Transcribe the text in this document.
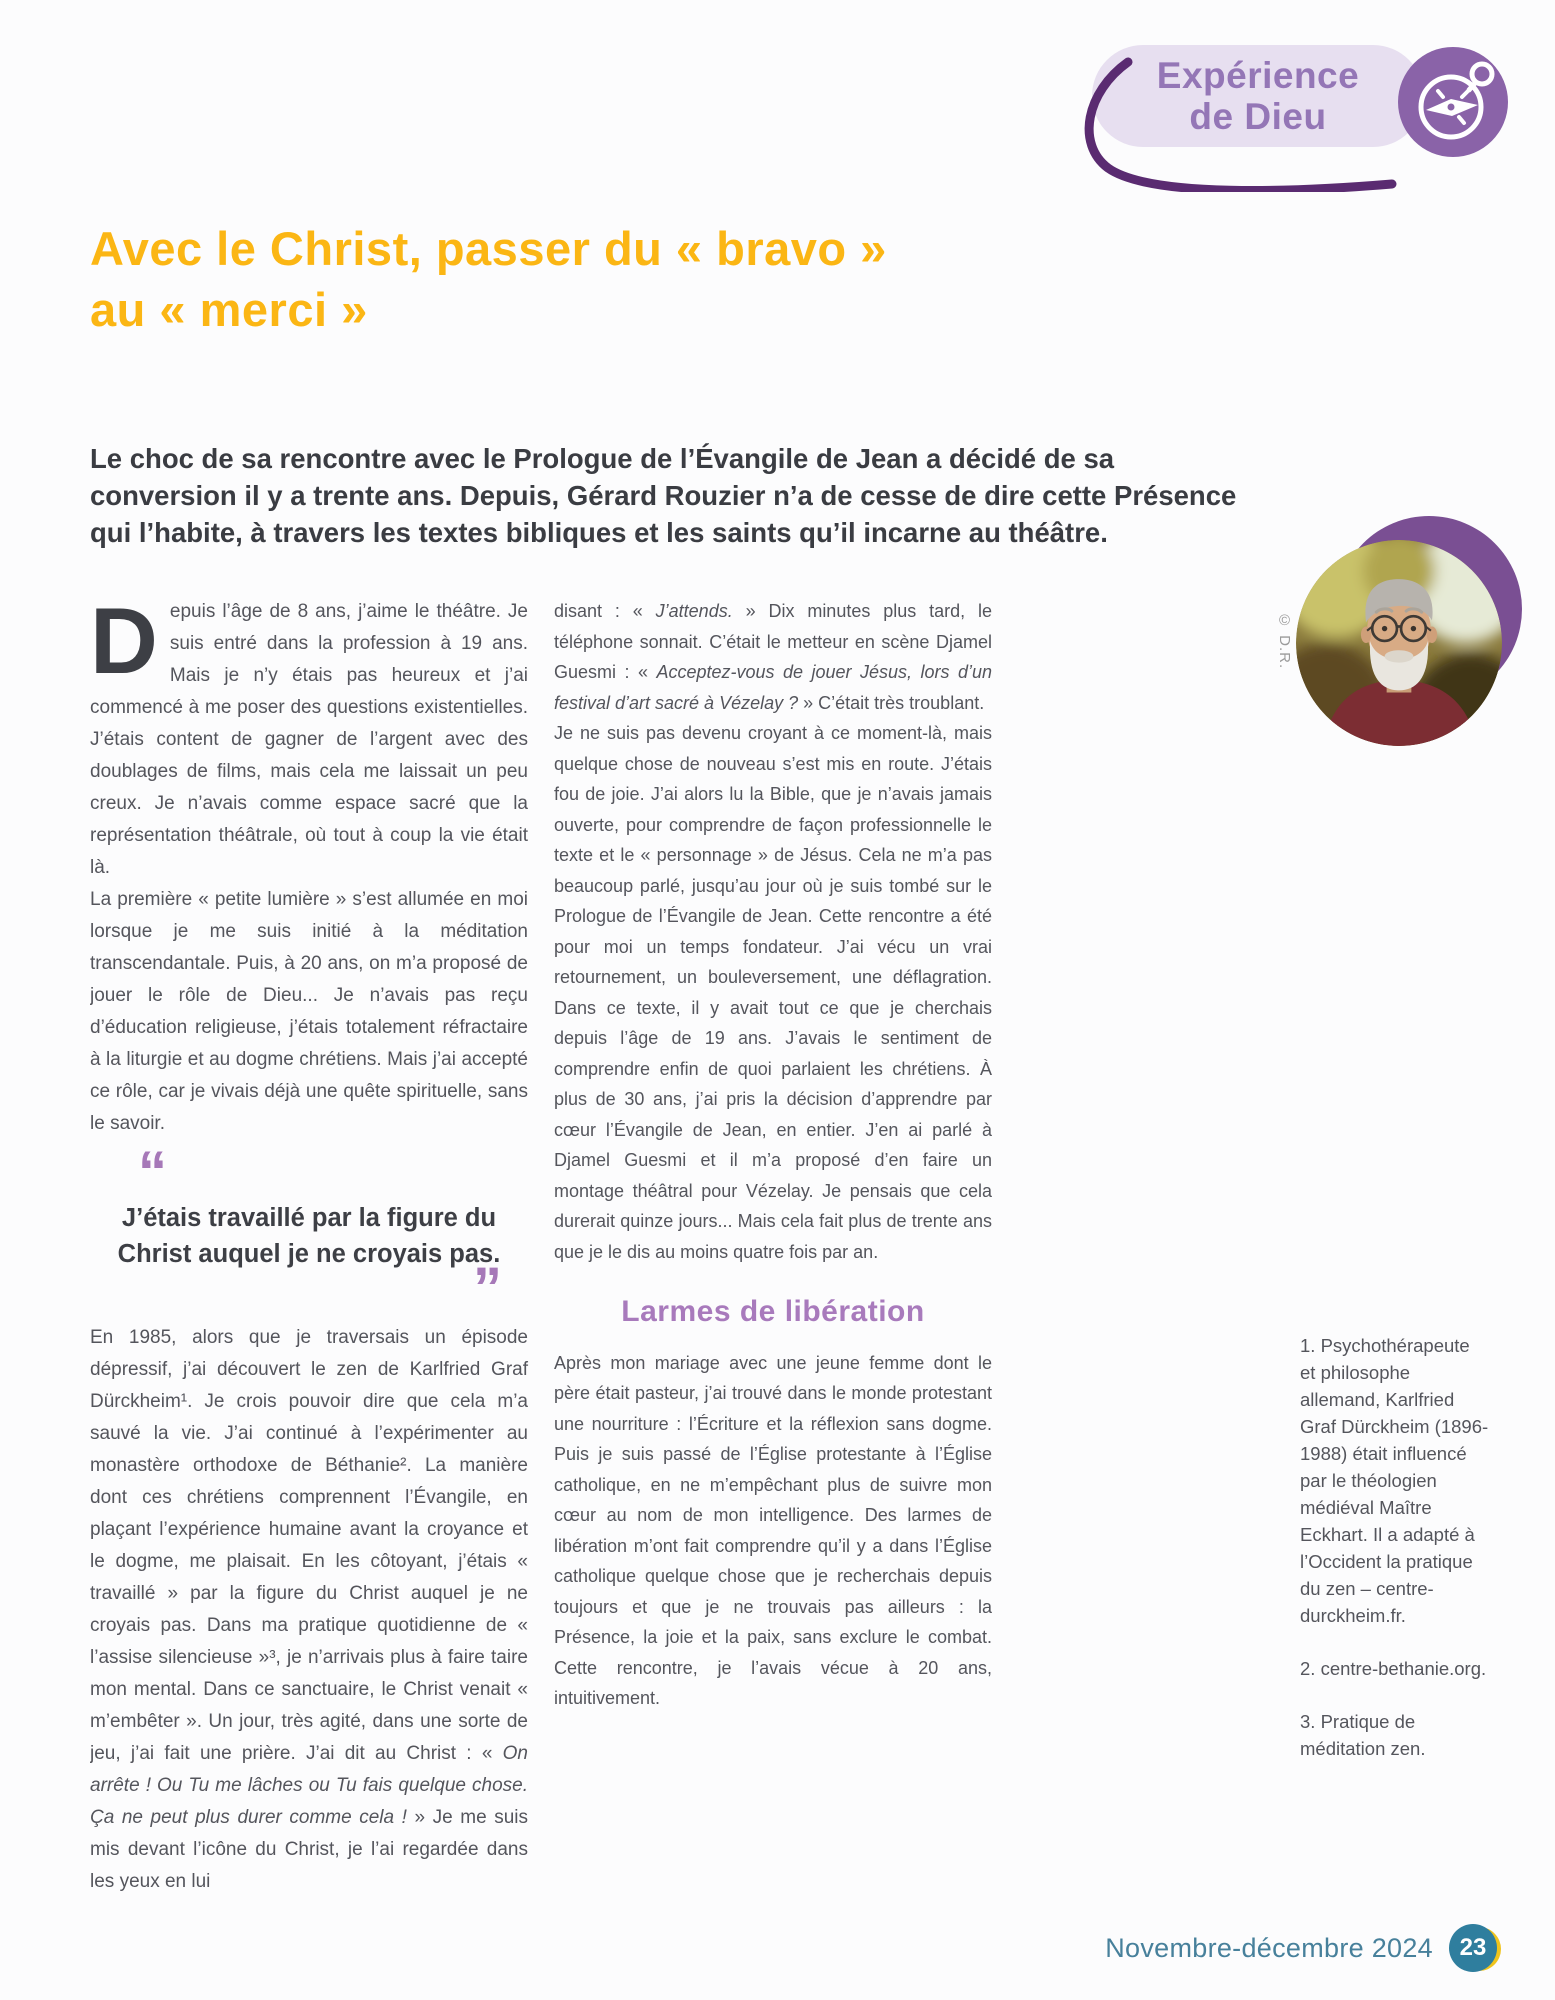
Expérience
de Dieu
Avec le Christ, passer du « bravo »
au « merci »

Le choc de sa rencontre avec le Prologue de l’Évangile de Jean a décidé de sa conversion il y a trente ans. Depuis, Gérard Rouzier n’a de cesse de dire cette Présence qui l’habite, à travers les textes bibliques et les saints qu’il incarne au théâtre.

Depuis l’âge de 8 ans, j’aime le théâtre. Je suis entré dans la profession à 19 ans. Mais je n’y étais pas heureux et j’ai commencé à me poser des questions existentielles. J’étais content de gagner de l’argent avec des doublages de films, mais cela me laissait un peu creux. Je n’avais comme espace sacré que la représentation théâtrale, où tout à coup la vie était là.

La première « petite lumière » s’est allumée en moi lorsque je me suis initié à la méditation transcendantale. Puis, à 20 ans, on m’a proposé de jouer le rôle de Dieu... Je n’avais pas reçu d’éducation religieuse, j’étais totalement réfractaire à la liturgie et au dogme chrétiens. Mais j’ai accepté ce rôle, car je vivais déjà une quête spirituelle, sans le savoir.

“
J’étais travaillé par la figure du Christ auquel je ne croyais pas.
”

En 1985, alors que je traversais un épisode dépressif, j’ai découvert le zen de Karlfried Graf Dürckheim¹. Je crois pouvoir dire que cela m’a sauvé la vie. J’ai continué à l’expérimenter au monastère orthodoxe de Béthanie². La manière dont ces chrétiens comprennent l’Évangile, en plaçant l’expérience humaine avant la croyance et le dogme, me plaisait. En les côtoyant, j’étais « travaillé » par la figure du Christ auquel je ne croyais pas. Dans ma pratique quotidienne de « l’assise silencieuse »³, je n’arrivais plus à faire taire mon mental. Dans ce sanctuaire, le Christ venait « m’embêter ». Un jour, très agité, dans une sorte de jeu, j’ai fait une prière. J’ai dit au Christ : « On arrête ! Ou Tu me lâches ou Tu fais quelque chose. Ça ne peut plus durer comme cela ! » Je me suis mis devant l’icône du Christ, je l’ai regardée dans les yeux en lui

disant : « J’attends. » Dix minutes plus tard, le téléphone sonnait. C’était le metteur en scène Djamel Guesmi : « Acceptez-vous de jouer Jésus, lors d’un festival d’art sacré à Vézelay ? » C’était très troublant.

Je ne suis pas devenu croyant à ce moment-là, mais quelque chose de nouveau s’est mis en route. J’étais fou de joie. J’ai alors lu la Bible, que je n’avais jamais ouverte, pour comprendre de façon professionnelle le texte et le « personnage » de Jésus. Cela ne m’a pas beaucoup parlé, jusqu’au jour où je suis tombé sur le Prologue de l’Évangile de Jean. Cette rencontre a été pour moi un temps fondateur. J’ai vécu un vrai retournement, un bouleversement, une déflagration. Dans ce texte, il y avait tout ce que je cherchais depuis l’âge de 19 ans. J’avais le sentiment de comprendre enfin de quoi parlaient les chrétiens. À plus de 30 ans, j’ai pris la décision d’apprendre par cœur l’Évangile de Jean, en entier. J’en ai parlé à Djamel Guesmi et il m’a proposé d’en faire un montage théâtral pour Vézelay. Je pensais que cela durerait quinze jours... Mais cela fait plus de trente ans que je le dis au moins quatre fois par an.

Larmes de libération

Après mon mariage avec une jeune femme dont le père était pasteur, j’ai trouvé dans le monde protestant une nourriture : l’Écriture et la réflexion sans dogme. Puis je suis passé de l’Église protestante à l’Église catholique, en ne m’empêchant plus de suivre mon cœur au nom de mon intelligence. Des larmes de libération m’ont fait comprendre qu’il y a dans l’Église catholique quelque chose que je recherchais depuis toujours et que je ne trouvais pas ailleurs : la Présence, la joie et la paix, sans exclure le combat. Cette rencontre, je l’avais vécue à 20 ans, intuitivement.

© D.R.

1. Psychothérapeute et philosophe allemand, Karlfried Graf Dürckheim (1896-1988) était influencé par le théologien médiéval Maître Eckhart. Il a adapté à l’Occident la pratique du zen – centre-durckheim.fr.

2. centre-bethanie.org.

3. Pratique de méditation zen.

Novembre-décembre 2024	23
